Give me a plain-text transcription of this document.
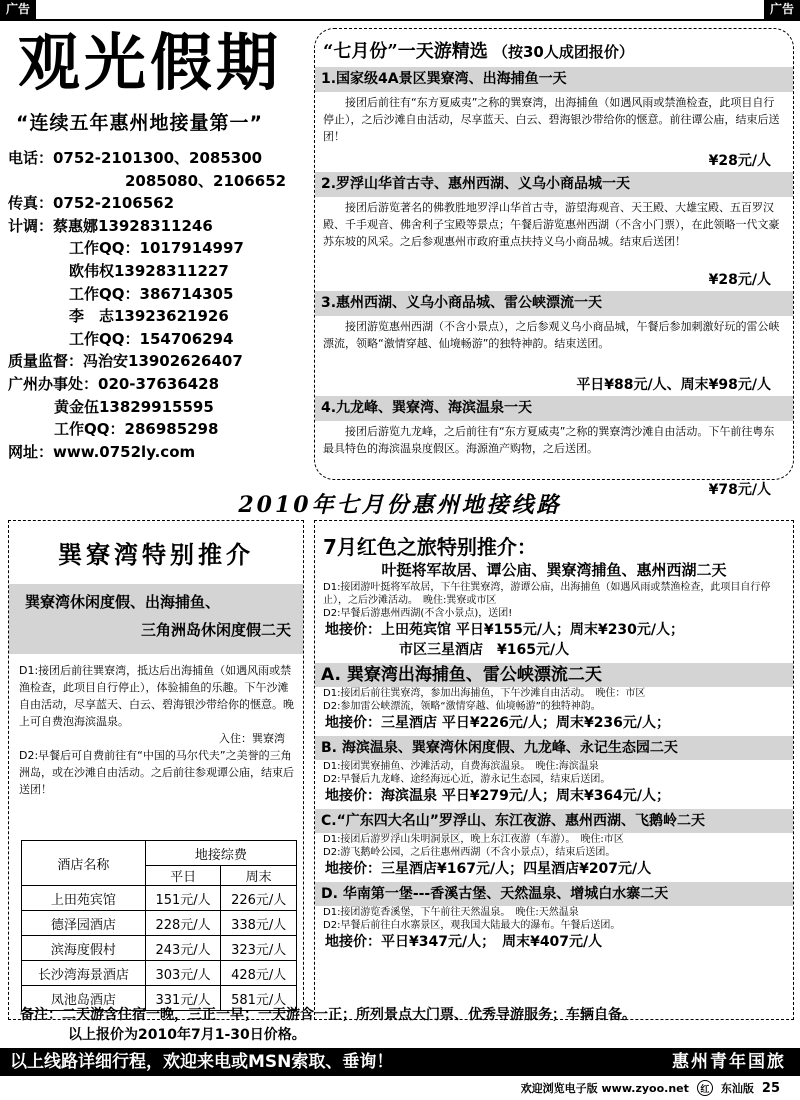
广告	广告
观光假期
“连续五年惠州地接量第一”
电话：0752-2101300、2085300
2085080、2106652
传真：0752-2106562
计调：蔡惠娜13928311246
工作QQ：1017914997
欧伟权13928311227
工作QQ：386714305
李　志13923621926
工作QQ：154706294
质量监督：冯治安13902626407
广州办事处：020-37636428
黄金伍13829915595
工作QQ：286985298
网址：www.0752ly.com
“七月份”一天游精选 （按30人成团报价）
1.国家级4A景区巽寮湾、出海捕鱼一天
接团后前往有“东方夏威夷”之称的巽寮湾，出海捕鱼（如遇风雨或禁渔检查，此项目自行停止），之后沙滩自由活动，尽享蓝天、白云、碧海银沙带给你的惬意。前往谭公庙，结束后送团！
¥28元/人
2.罗浮山华首古寺、惠州西湖、义乌小商品城一天
接团后游览著名的佛教胜地罗浮山华首古寺，游望海观音、天王殿、大雄宝殿、五百罗汉殿、千手观音、佛舍利子宝殿等景点；午餐后游览惠州西湖（不含小门票），在此领略一代文豪苏东坡的风采。之后参观惠州市政府重点扶持义乌小商品城。结束后送团！
¥28元/人
3.惠州西湖、义乌小商品城、雷公峡漂流一天
接团游览惠州西湖（不含小景点），之后参观义乌小商品城，午餐后参加刺激好玩的雷公峡漂流，领略“激情穿越、仙境畅游”的独特神韵。结束送团。
平日¥88元/人、周末¥98元/人
4.九龙峰、巽寮湾、海滨温泉一天
接团后游览九龙峰，之后前往有“东方夏威夷”之称的巽寮湾沙滩自由活动。下午前往粤东最具特色的海滨温泉度假区。海源渔产购物，之后送团。
¥78元/人
2010年七月份惠州地接线路
巽寮湾特别推介
巽寮湾休闲度假、出海捕鱼、
三角洲岛休闲度假二天
D1:接团后前往巽寮湾，抵达后出海捕鱼（如遇风雨或禁渔检查，此项目自行停止），体验捕鱼的乐趣。下午沙滩自由活动，尽享蓝天、白云、碧海银沙带给你的惬意。晚上可自费泡海滨温泉。
入住：巽寮湾
D2:早餐后可自费前往有“中国的马尔代夫”之美誉的三角洲岛，或在沙滩自由活动。之后前往参观谭公庙，结束后送团！
酒店名称	地接综费	
	平日	周末
上田苑宾馆	151元/人	226元/人
德泽园酒店	228元/人	338元/人
滨海度假村	243元/人	323元/人
长沙湾海景酒店	303元/人	428元/人
凤池岛酒店	331元/人	581元/人
7月红色之旅特别推介：
叶挺将军故居、谭公庙、巽寮湾捕鱼、惠州西湖二天
D1:接团游叶挺将军故居，下午往巽寮湾，游谭公庙，出海捕鱼（如遇风雨或禁渔检查，此项目自行停止），之后沙滩活动。　 晚住:巽寮或市区
D2:早餐后游惠州西湖(不含小景点)，送团!
地接价：上田苑宾馆 平日¥155元/人；周末¥230元/人；
市区三星酒店　¥165元/人
A. 巽寮湾出海捕鱼、雷公峡漂流二天
D1:接团后前往巽寮湾，参加出海捕鱼，下午沙滩自由活动。　 晚住：市区
D2:参加雷公峡漂流，领略“激情穿越、仙境畅游”的独特神韵。
地接价：三星酒店 平日¥226元/人；周末¥236元/人；
B. 海滨温泉、巽寮湾休闲度假、九龙峰、永记生态园二天
D1:接团巽寮捕鱼、沙滩活动，自费海滨温泉。　 晚住:海滨温泉
D2:早餐后九龙峰、途经海远心近，游永记生态园，结束后送团。
地接价：海滨温泉 平日¥279元/人；周末¥364元/人；
C.“广东四大名山”罗浮山、东江夜游、惠州西湖、飞鹅岭二天
D1:接团后游罗浮山朱明洞景区，晚上东江夜游（车游）。　 晚住:市区
D2:游飞鹅岭公园，之后往惠州西湖（不含小景点），结束后送团。
地接价：三星酒店¥167元/人；四星酒店¥207元/人
D. 华南第一堡---香溪古堡、天然温泉、增城白水寨二天
D1:接团游览香溪堡，下午前往天然温泉。　 晚住:天然温泉
D2:早餐后前往白水寨景区，观我国大陆最大的瀑布。午餐后送团。
地接价：平日¥347元/人；　周末¥407元/人
备注：二天游含住宿一晚，三正一早；一天游含一正；所列景点大门票、优秀导游服务；车辆自备。
以上报价为2010年7月1-30日价格。
以上线路详细行程，欢迎来电或MSN索取、垂询！	惠州青年国旅
欢迎浏览电子版 www.zyoo.net	红	东汕版 25
